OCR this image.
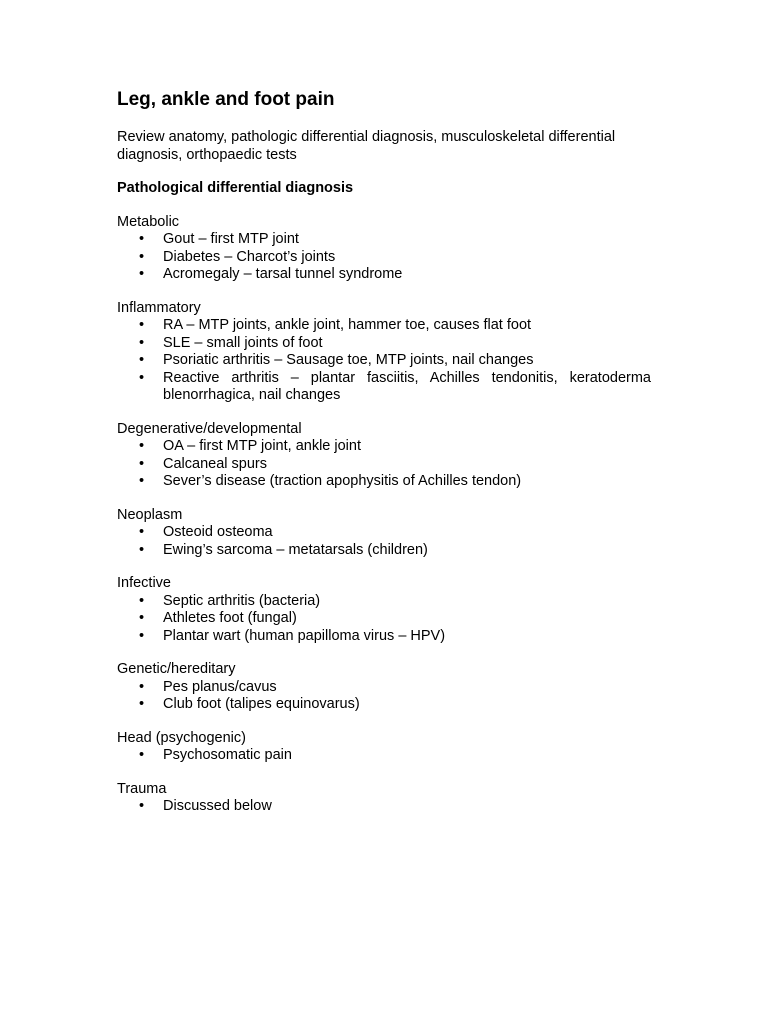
Leg, ankle and foot pain

Review anatomy, pathologic differential diagnosis, musculoskeletal differential diagnosis, orthopaedic tests

Pathological differential diagnosis

Metabolic
• Gout – first MTP joint
• Diabetes – Charcot’s joints
• Acromegaly – tarsal tunnel syndrome
Inflammatory
• RA – MTP joints, ankle joint, hammer toe, causes flat foot
• SLE – small joints of foot
• Psoriatic arthritis – Sausage toe, MTP joints, nail changes
• Reactive arthritis – plantar fasciitis, Achilles tendonitis, keratoderma blenorrhagica, nail changes
Degenerative/developmental
• OA – first MTP joint, ankle joint
• Calcaneal spurs
• Sever’s disease (traction apophysitis of Achilles tendon)
Neoplasm
• Osteoid osteoma
• Ewing’s sarcoma – metatarsals (children)
Infective
• Septic arthritis (bacteria)
• Athletes foot (fungal)
• Plantar wart (human papilloma virus – HPV)
Genetic/hereditary
• Pes planus/cavus
• Club foot (talipes equinovarus)
Head (psychogenic)
• Psychosomatic pain
Trauma
• Discussed below
